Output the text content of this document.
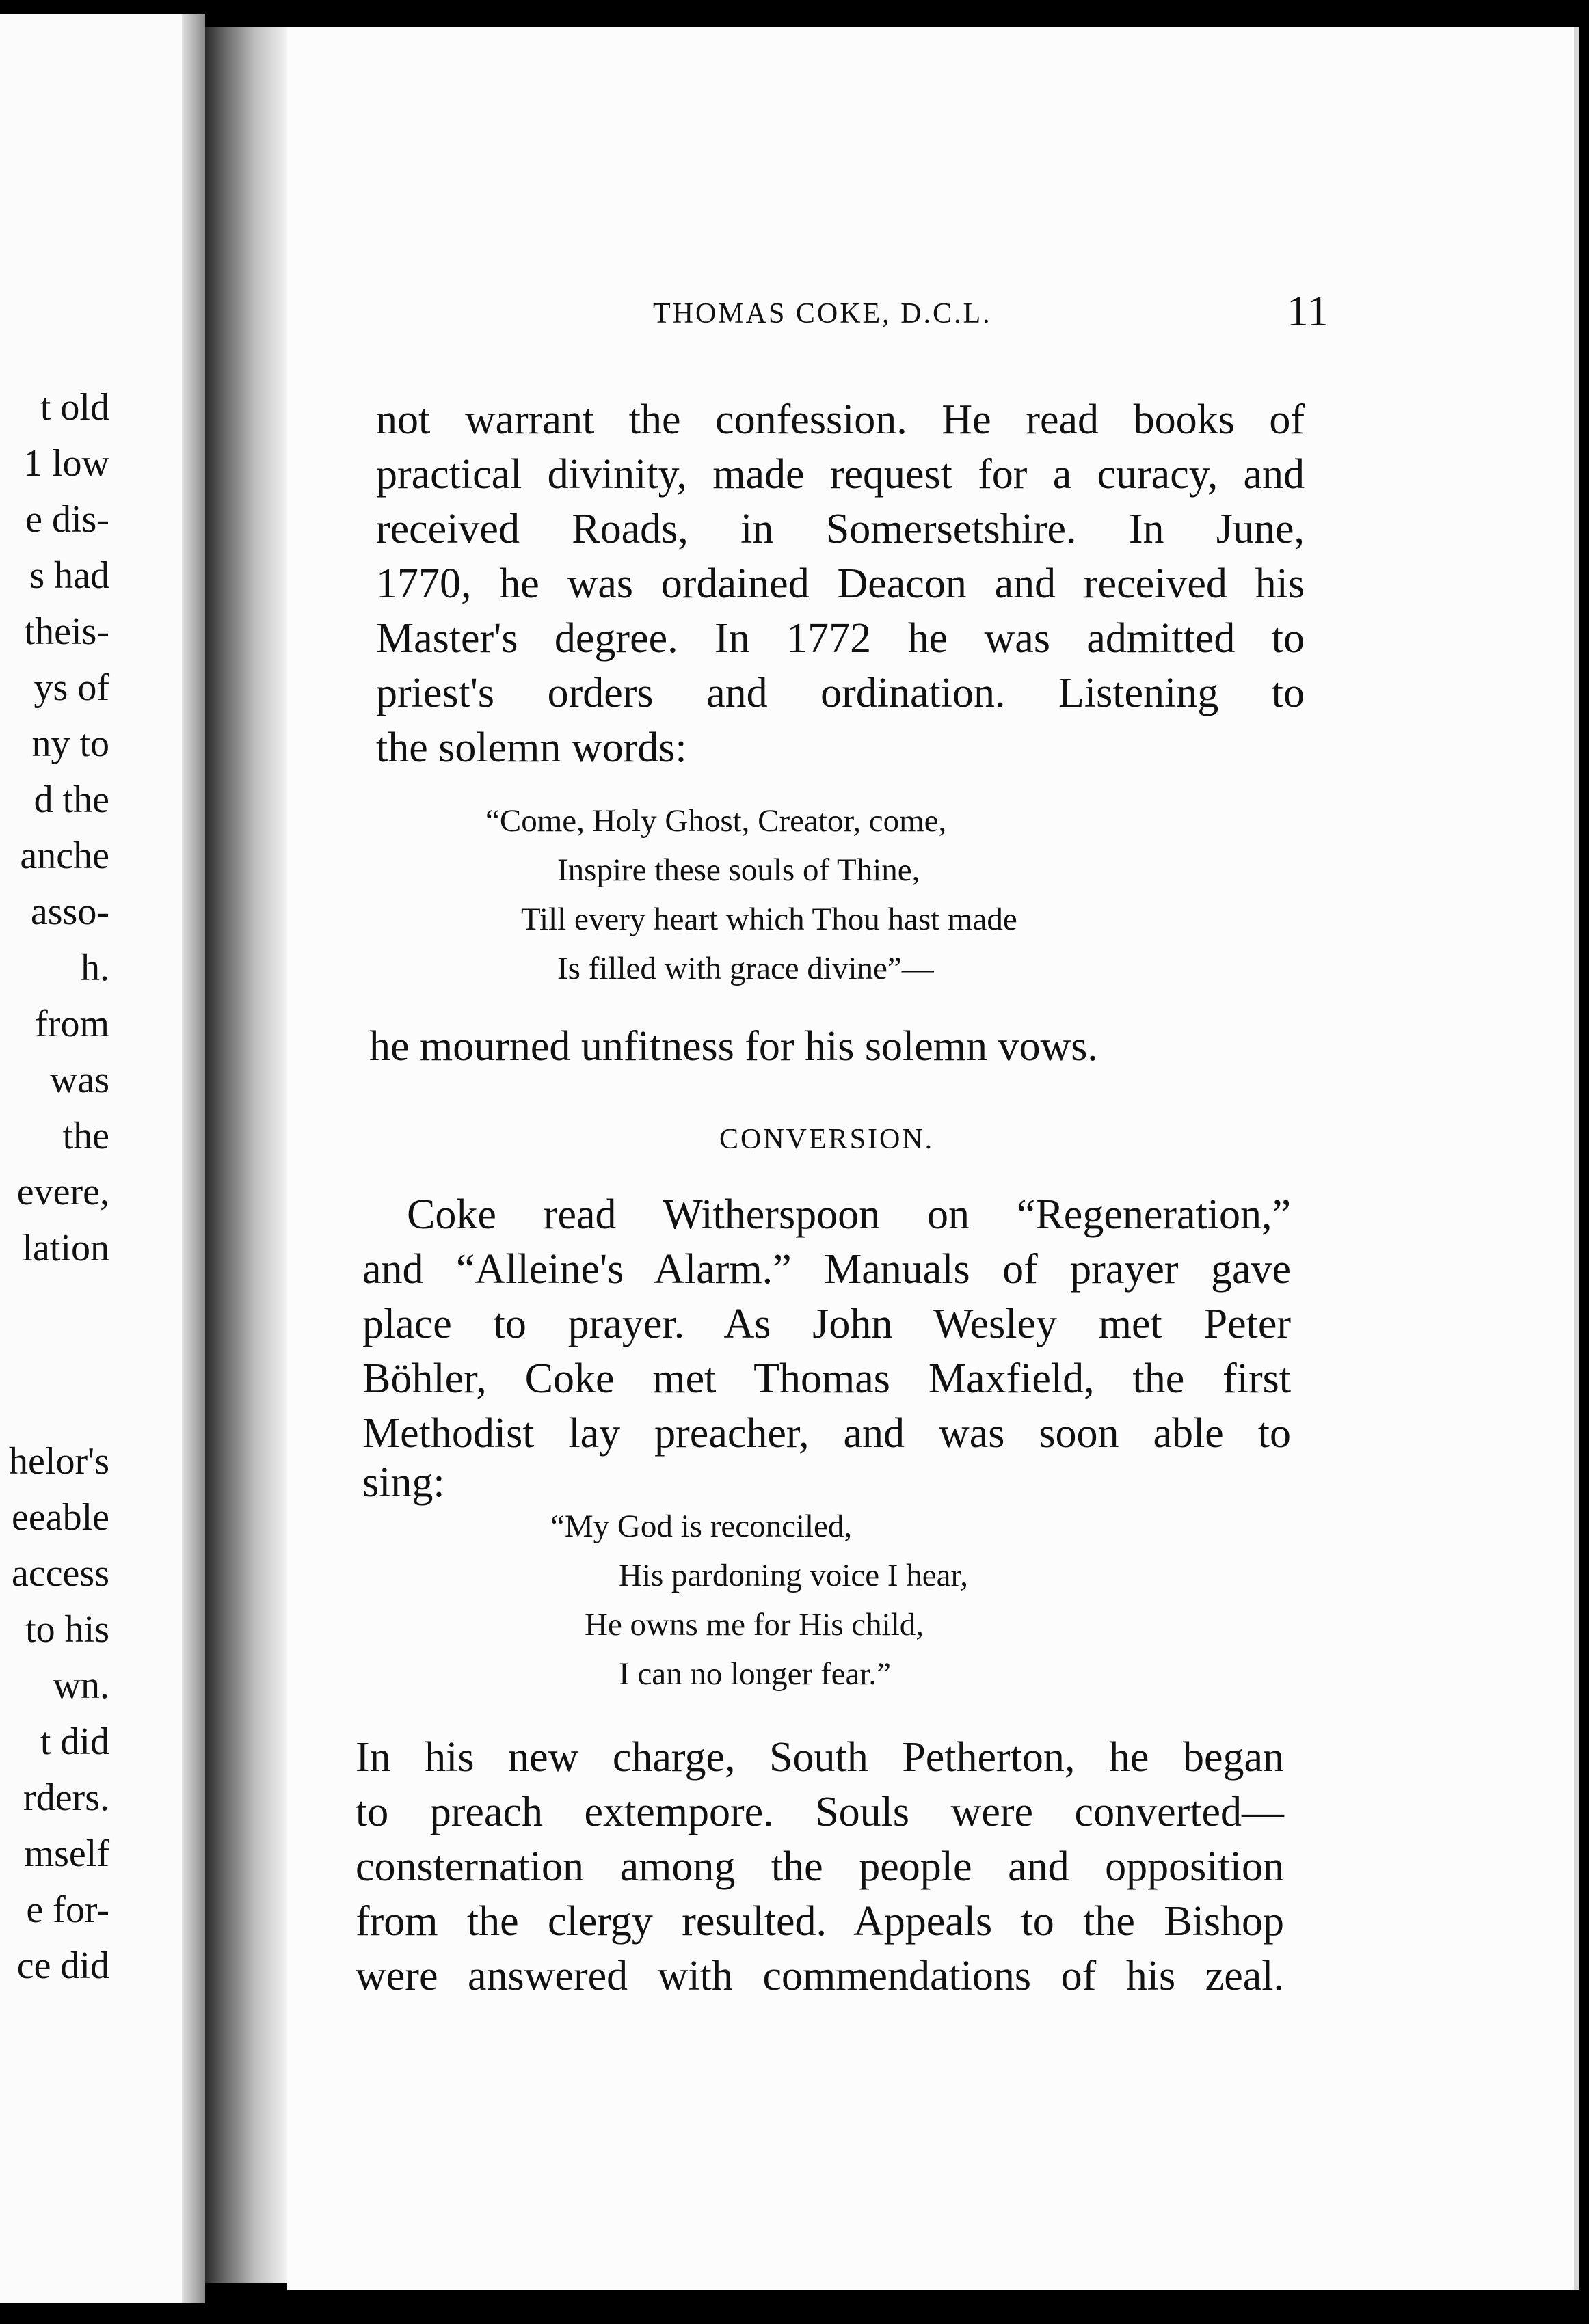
t old
1 low
e dis-
s had
theis-
ys of
ny to
d the
anche
asso-
h.
from
was
the
evere,
lation
helor's
eeable
access
to his
wn.
t did
rders.
mself
e for-
ce did
THOMAS COKE, D.C.L.	11
not warrant the confession. He read books of
practical divinity, made request for a curacy, and
received Roads, in Somersetshire. In June,
1770, he was ordained Deacon and received his
Master's degree. In 1772 he was admitted to
priest's orders and ordination. Listening to
the solemn words:
“Come, Holy Ghost, Creator, come,
Inspire these souls of Thine,
Till every heart which Thou hast made
Is filled with grace divine”—
he mourned unfitness for his solemn vows.
CONVERSION.
Coke read Witherspoon on “Regeneration,”
and “Alleine's Alarm.” Manuals of prayer gave
place to prayer. As John Wesley met Peter
Böhler, Coke met Thomas Maxfield, the first
Methodist lay preacher, and was soon able to
sing:
“My God is reconciled,
His pardoning voice I hear,
He owns me for His child,
I can no longer fear.”
In his new charge, South Petherton, he began
to preach extempore. Souls were converted—
consternation among the people and opposition
from the clergy resulted. Appeals to the Bishop
were answered with commendations of his zeal.
